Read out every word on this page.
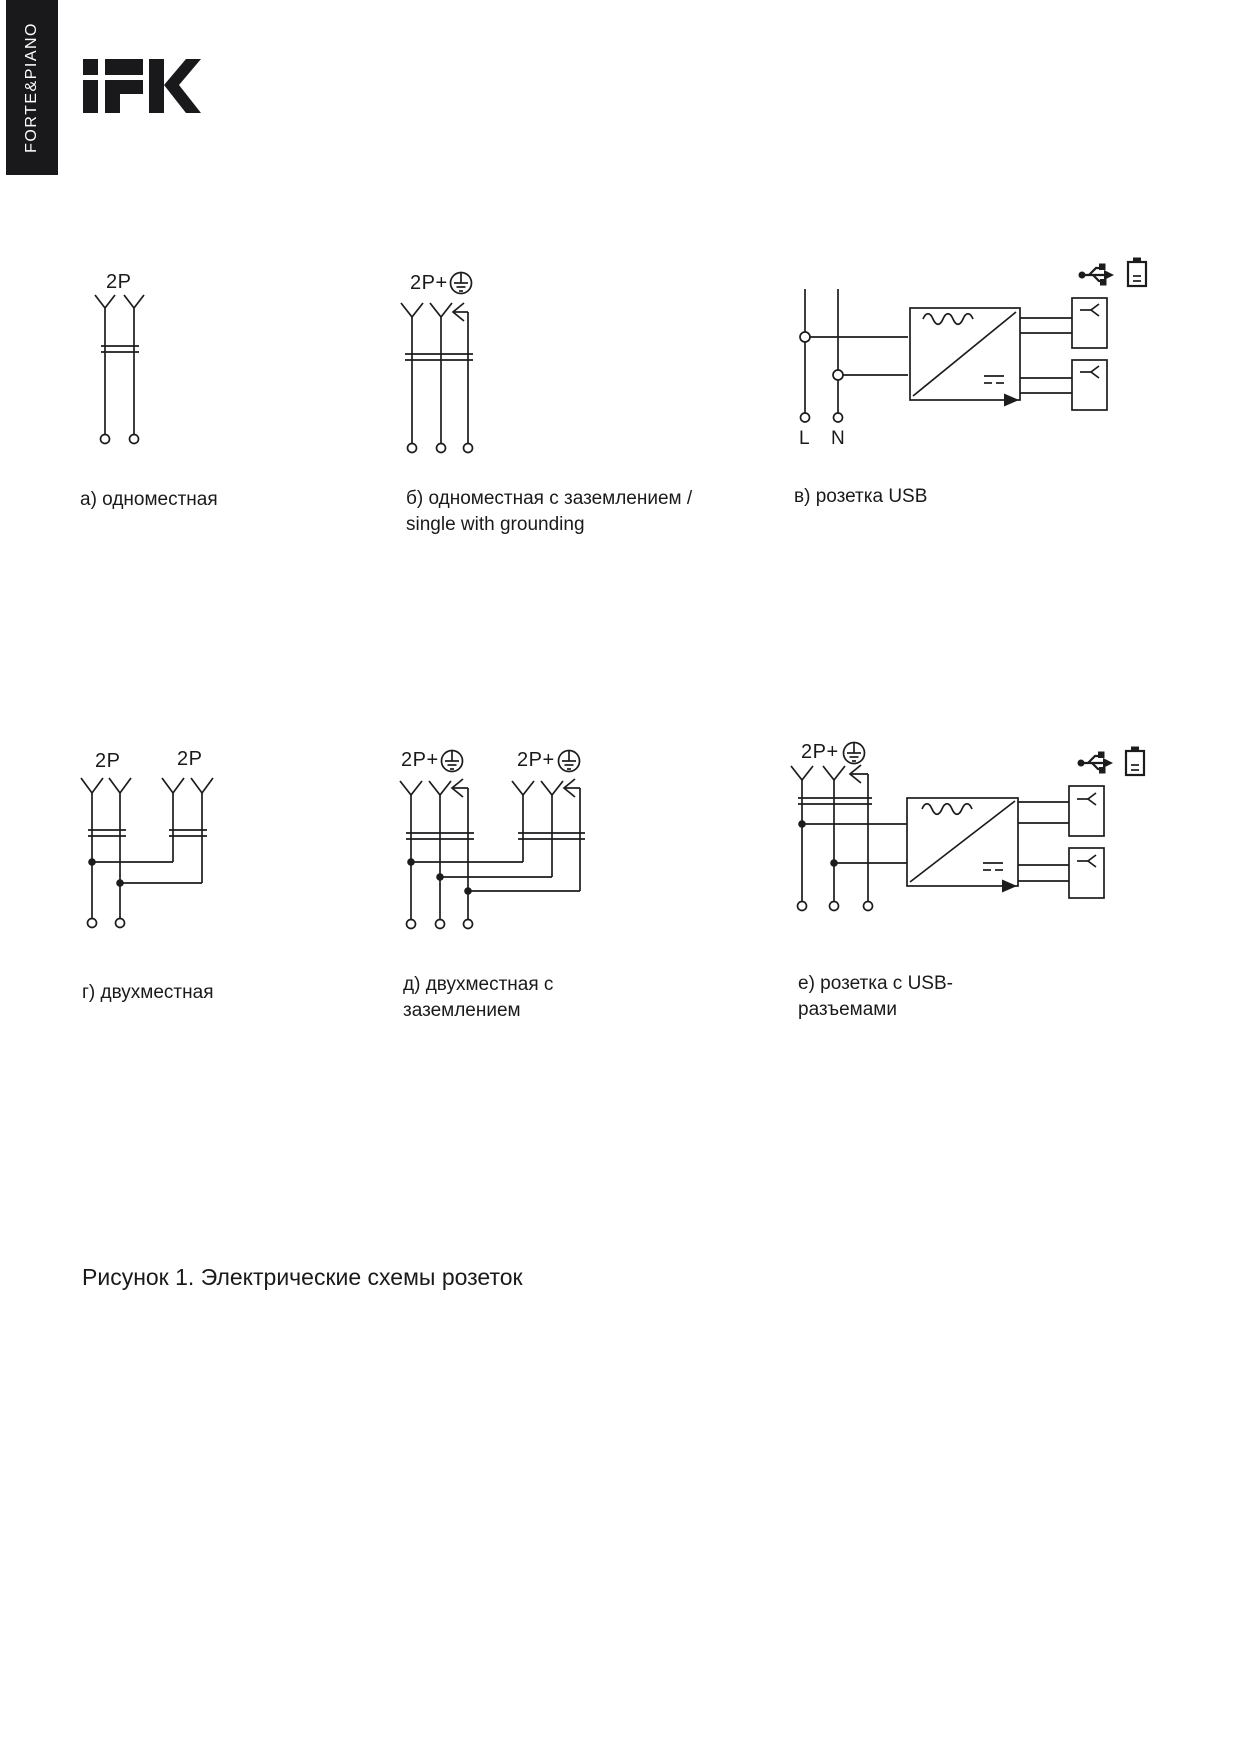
FORTE&PIANO
2P	2P+
L N
2P	2P	2P+	2P+	2P+
а) одноместная	б) одноместная с заземлением /
single with grounding
в) розетка USB
г) двухместная	д) двухместная с
заземлением
е) розетка с USB-
разъемами
Рисунок 1. Электрические схемы розеток
